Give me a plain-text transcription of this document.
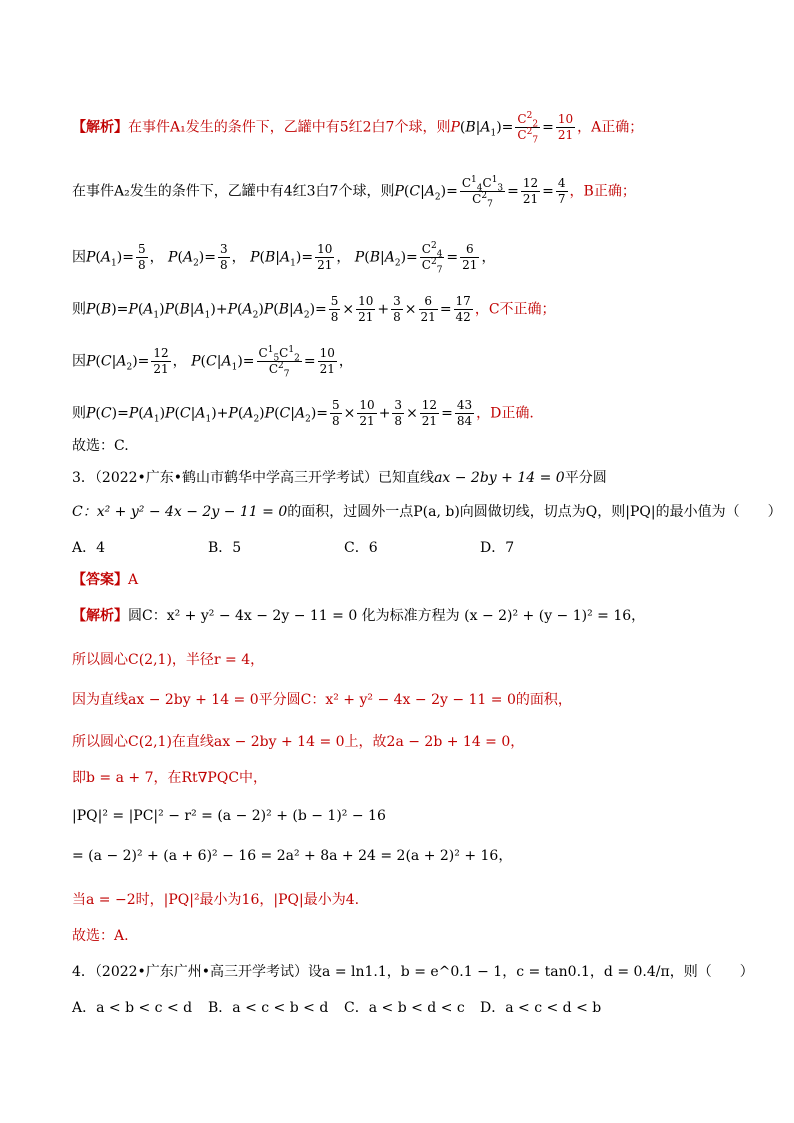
【解析】在事件A₁发生的条件下，乙罐中有5红2白7个球，则$P(B|A_1)= \frac{C^2_2}{C^2_7} = \frac{10}{21}$ ，A正确；
在事件A₂发生的条件下，乙罐中有4红3白7个球，则$P(C|A_2)= \frac{C^1_4C^1_3}{C^2_7} = \frac{12}{21} = \frac{4}{7}$ ，B正确；
因$P(A_1)= \frac{5}{8}$ ， $P(A_2)= \frac{3}{8}$ ， $P(B|A_1)= \frac{10}{21}$ ， $P(B|A_2)= \frac{C^2_4}{C^2_7} = \frac{6}{21}$ ，
则$P(B)=P(A_1)P(B|A_1)+P(A_2)P(B|A_2)= \frac{5}{8} \times \frac{10}{21} + \frac{3}{8} \times \frac{6}{21} = \frac{17}{42}$ ，C不正确；
因$P(C|A_2)= \frac{12}{21}$ ， $P(C|A_1)= \frac{C^1_5C^1_2}{C^2_7} = \frac{10}{21}$ ，
则$P(C)=P(A_1)P(C|A_1)+P(A_2)P(C|A_2)= \frac{5}{8} \times \frac{10}{21} + \frac{3}{8} \times \frac{12}{21} = \frac{43}{84}$ ，D正确.
故选：C.
3．（2022•广东•鹤山市鹤华中学高三开学考试）已知直线ax − 2by + 14 = 0平分圆
C：x² + y² − 4x − 2y − 11 = 0的面积，过圆外一点P(a, b)向圆做切线，切点为Q，则|PQ|的最小值为（　　）
A．4	B．5	C．6	D．7
【答案】A
【解析】圆C：x² + y² − 4x − 2y − 11 = 0 化为标准方程为 (x − 2)² + (y − 1)² = 16，
所以圆心C(2,1)，半径r = 4，
因为直线ax − 2by + 14 = 0平分圆C：x² + y² − 4x − 2y − 11 = 0的面积，
所以圆心C(2,1)在直线ax − 2by + 14 = 0上，故2a − 2b + 14 = 0，
即b = a + 7，在Rt∇PQC中，
|PQ|² = |PC|² − r² = (a − 2)² + (b − 1)² − 16
= (a − 2)² + (a + 6)² − 16 = 2a² + 8a + 24 = 2(a + 2)² + 16，
当a = −2时，|PQ|²最小为16，|PQ|最小为4.
故选：A.
4．（2022•广东广州•高三开学考试）设a = ln1.1，b = e^0.1 − 1，c = tan0.1，d = 0.4/π，则（　　）
A．a < b < c < d B．a < c < b < d C．a < b < d < c D．a < c < d < b
